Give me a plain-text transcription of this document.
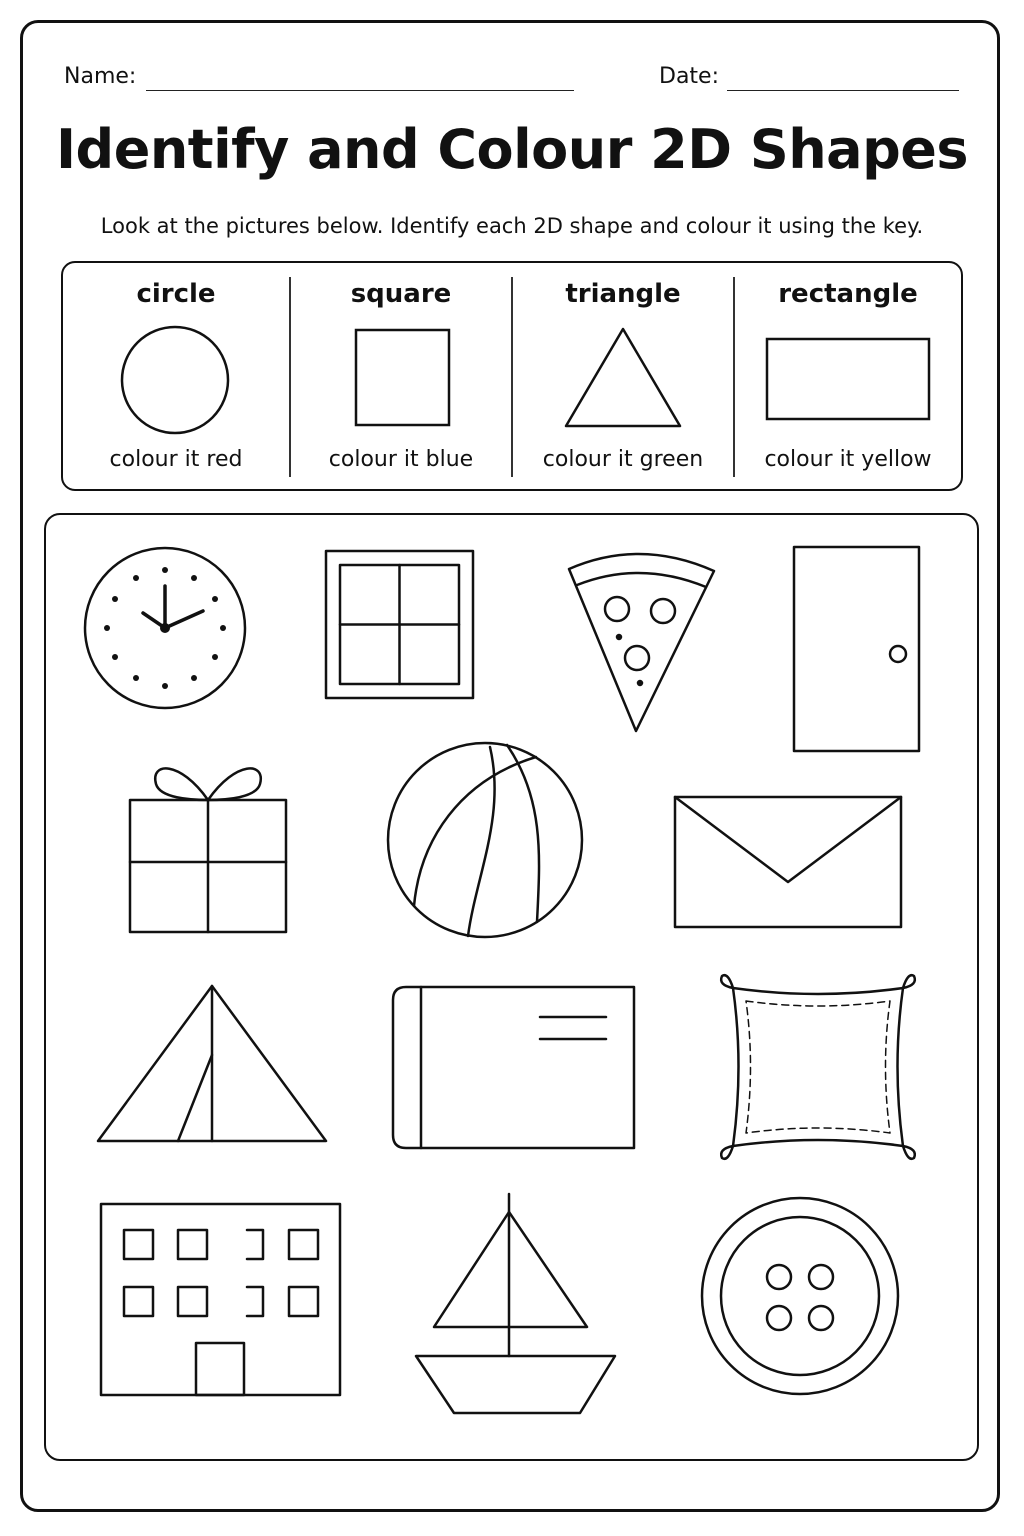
Name:	Date:
Identify and Colour 2D Shapes
Look at the pictures below. Identify each 2D shape and colour it using the key.
circle
colour it red
square
colour it blue
triangle
colour it green
rectangle
colour it yellow
